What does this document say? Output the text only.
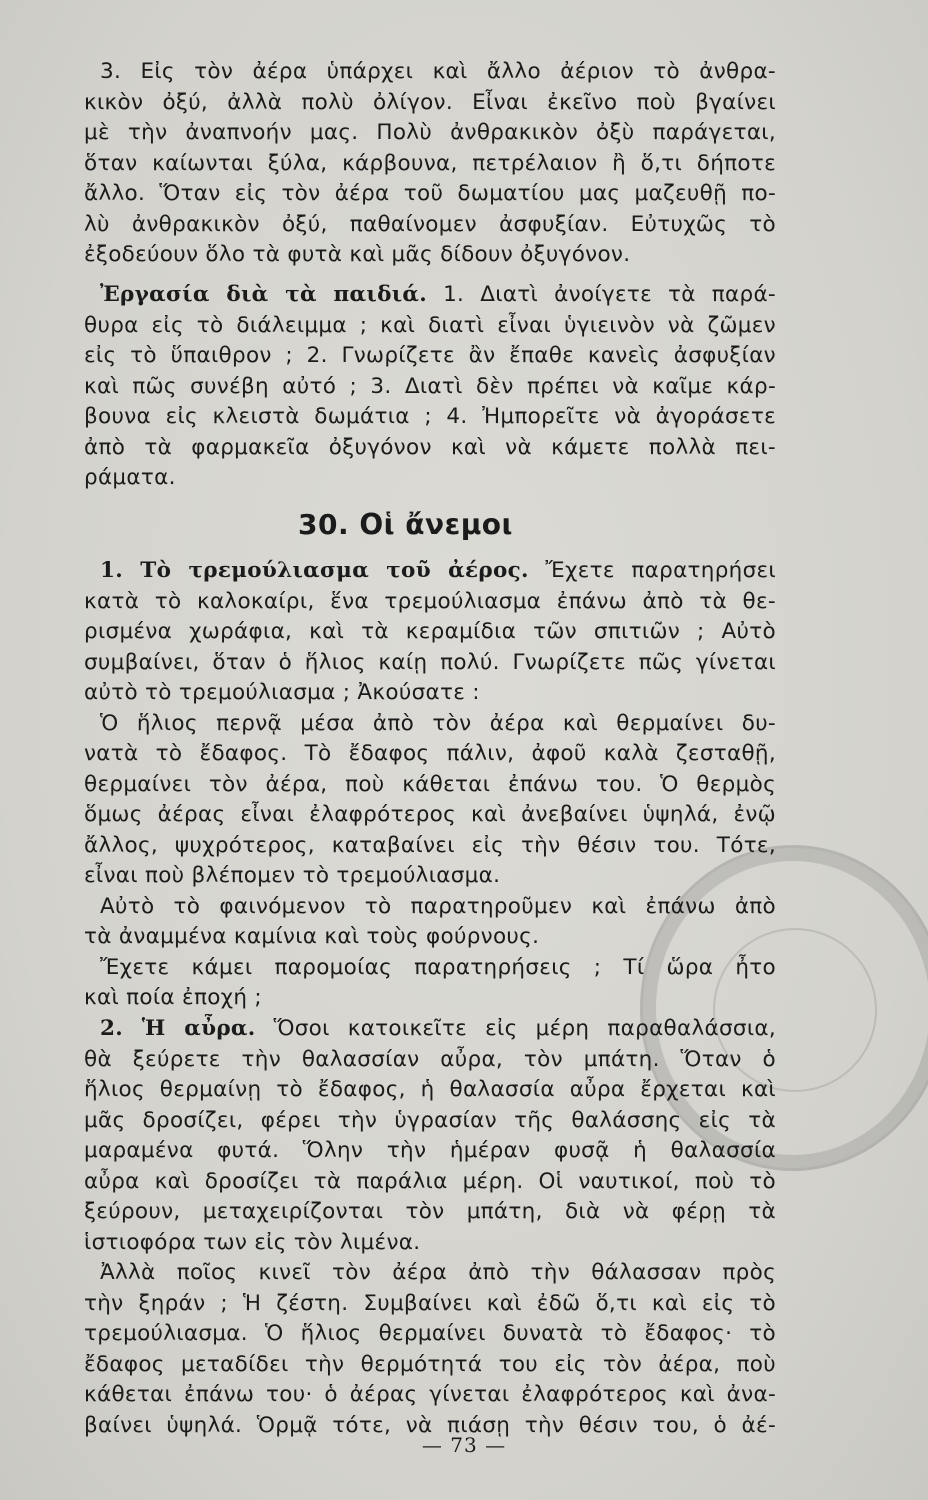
3. Εἰς τὸν ἀέρα ὑπάρχει καὶ ἄλλο ἀέριον τὸ ἀνθρα-
κικὸν ὀξύ, ἀλλὰ πολὺ ὀλίγον. Εἶναι ἐκεῖνο ποὺ βγαίνει
μὲ τὴν ἀναπνοήν μας. Πολὺ ἀνθρακικὸν ὀξὺ παράγεται,
ὅταν καίωνται ξύλα, κάρβουνα, πετρέλαιον ἢ ὅ,τι δήποτε
ἄλλο. Ὅταν εἰς τὸν ἀέρα τοῦ δωματίου μας μαζευθῇ πο-
λὺ ἀνθρακικὸν ὀξύ, παθαίνομεν ἀσφυξίαν. Εὐτυχῶς τὸ
ἐξοδεύουν ὅλο τὰ φυτὰ καὶ μᾶς δίδουν ὀξυγόνον.
Ἐργασία διὰ τὰ παιδιά. 1. Διατὶ ἀνοίγετε τὰ παρά-
θυρα εἰς τὸ διάλειμμα ; καὶ διατὶ εἶναι ὑγιεινὸν νὰ ζῶμεν
εἰς τὸ ὕπαιθρον ; 2. Γνωρίζετε ἂν ἔπαθε κανεὶς ἀσφυξίαν
καὶ πῶς συνέβη αὐτό ; 3. Διατὶ δὲν πρέπει νὰ καῖμε κάρ-
βουνα εἰς κλειστὰ δωμάτια ; 4. Ἠμπορεῖτε νὰ ἀγοράσετε
ἀπὸ τὰ φαρμακεῖα ὀξυγόνον καὶ νὰ κάμετε πολλὰ πει-
ράματα.
30. Οἱ ἄνεμοι
1. Τὸ τρεμούλιασμα τοῦ ἀέρος. Ἔχετε παρατηρήσει
κατὰ τὸ καλοκαίρι, ἕνα τρεμούλιασμα ἐπάνω ἀπὸ τὰ θε-
ρισμένα χωράφια, καὶ τὰ κεραμίδια τῶν σπιτιῶν ; Αὐτὸ
συμβαίνει, ὅταν ὁ ἥλιος καίῃ πολύ. Γνωρίζετε πῶς γίνεται
αὐτὸ τὸ τρεμούλιασμα ; Ἀκούσατε :
Ὁ ἥλιος περνᾷ μέσα ἀπὸ τὸν ἀέρα καὶ θερμαίνει δυ-
νατὰ τὸ ἔδαφος. Τὸ ἔδαφος πάλιν, ἀφοῦ καλὰ ζεσταθῇ,
θερμαίνει τὸν ἀέρα, ποὺ κάθεται ἐπάνω του. Ὁ θερμὸς
ὅμως ἀέρας εἶναι ἐλαφρότερος καὶ ἀνεβαίνει ὑψηλά, ἐνῷ
ἄλλος, ψυχρότερος, καταβαίνει εἰς τὴν θέσιν του. Τότε,
εἶναι ποὺ βλέπομεν τὸ τρεμούλιασμα.
Αὐτὸ τὸ φαινόμενον τὸ παρατηροῦμεν καὶ ἐπάνω ἀπὸ
τὰ ἀναμμένα καμίνια καὶ τοὺς φούρνους.
Ἔχετε κάμει παρομοίας παρατηρήσεις ; Τί ὥρα ἦτο
καὶ ποία ἐποχή ;
2. Ἡ αὖρα. Ὅσοι κατοικεῖτε εἰς μέρη παραθαλάσσια,
θὰ ξεύρετε τὴν θαλασσίαν αὖρα, τὸν μπάτη. Ὅταν ὁ
ἥλιος θερμαίνῃ τὸ ἔδαφος, ἡ θαλασσία αὖρα ἔρχεται καὶ
μᾶς δροσίζει, φέρει τὴν ὑγρασίαν τῆς θαλάσσης εἰς τὰ
μαραμένα φυτά. Ὅλην τὴν ἡμέραν φυσᾷ ἡ θαλασσία
αὖρα καὶ δροσίζει τὰ παράλια μέρη. Οἱ ναυτικοί, ποὺ τὸ
ξεύρουν, μεταχειρίζονται τὸν μπάτη, διὰ νὰ φέρῃ τὰ
ἱστιοφόρα των εἰς τὸν λιμένα.
Ἀλλὰ ποῖος κινεῖ τὸν ἀέρα ἀπὸ τὴν θάλασσαν πρὸς
τὴν ξηράν ; Ἡ ζέστη. Συμβαίνει καὶ ἐδῶ ὅ,τι καὶ εἰς τὸ
τρεμούλιασμα. Ὁ ἥλιος θερμαίνει δυνατὰ τὸ ἔδαφος· τὸ
ἔδαφος μεταδίδει τὴν θερμότητά του εἰς τὸν ἀέρα, ποὺ
κάθεται ἐπάνω του· ὁ ἀέρας γίνεται ἐλαφρότερος καὶ ἀνα-
βαίνει ὑψηλά. Ὁρμᾷ τότε, νὰ πιάσῃ τὴν θέσιν του, ὁ ἀέ-
— 73 —
